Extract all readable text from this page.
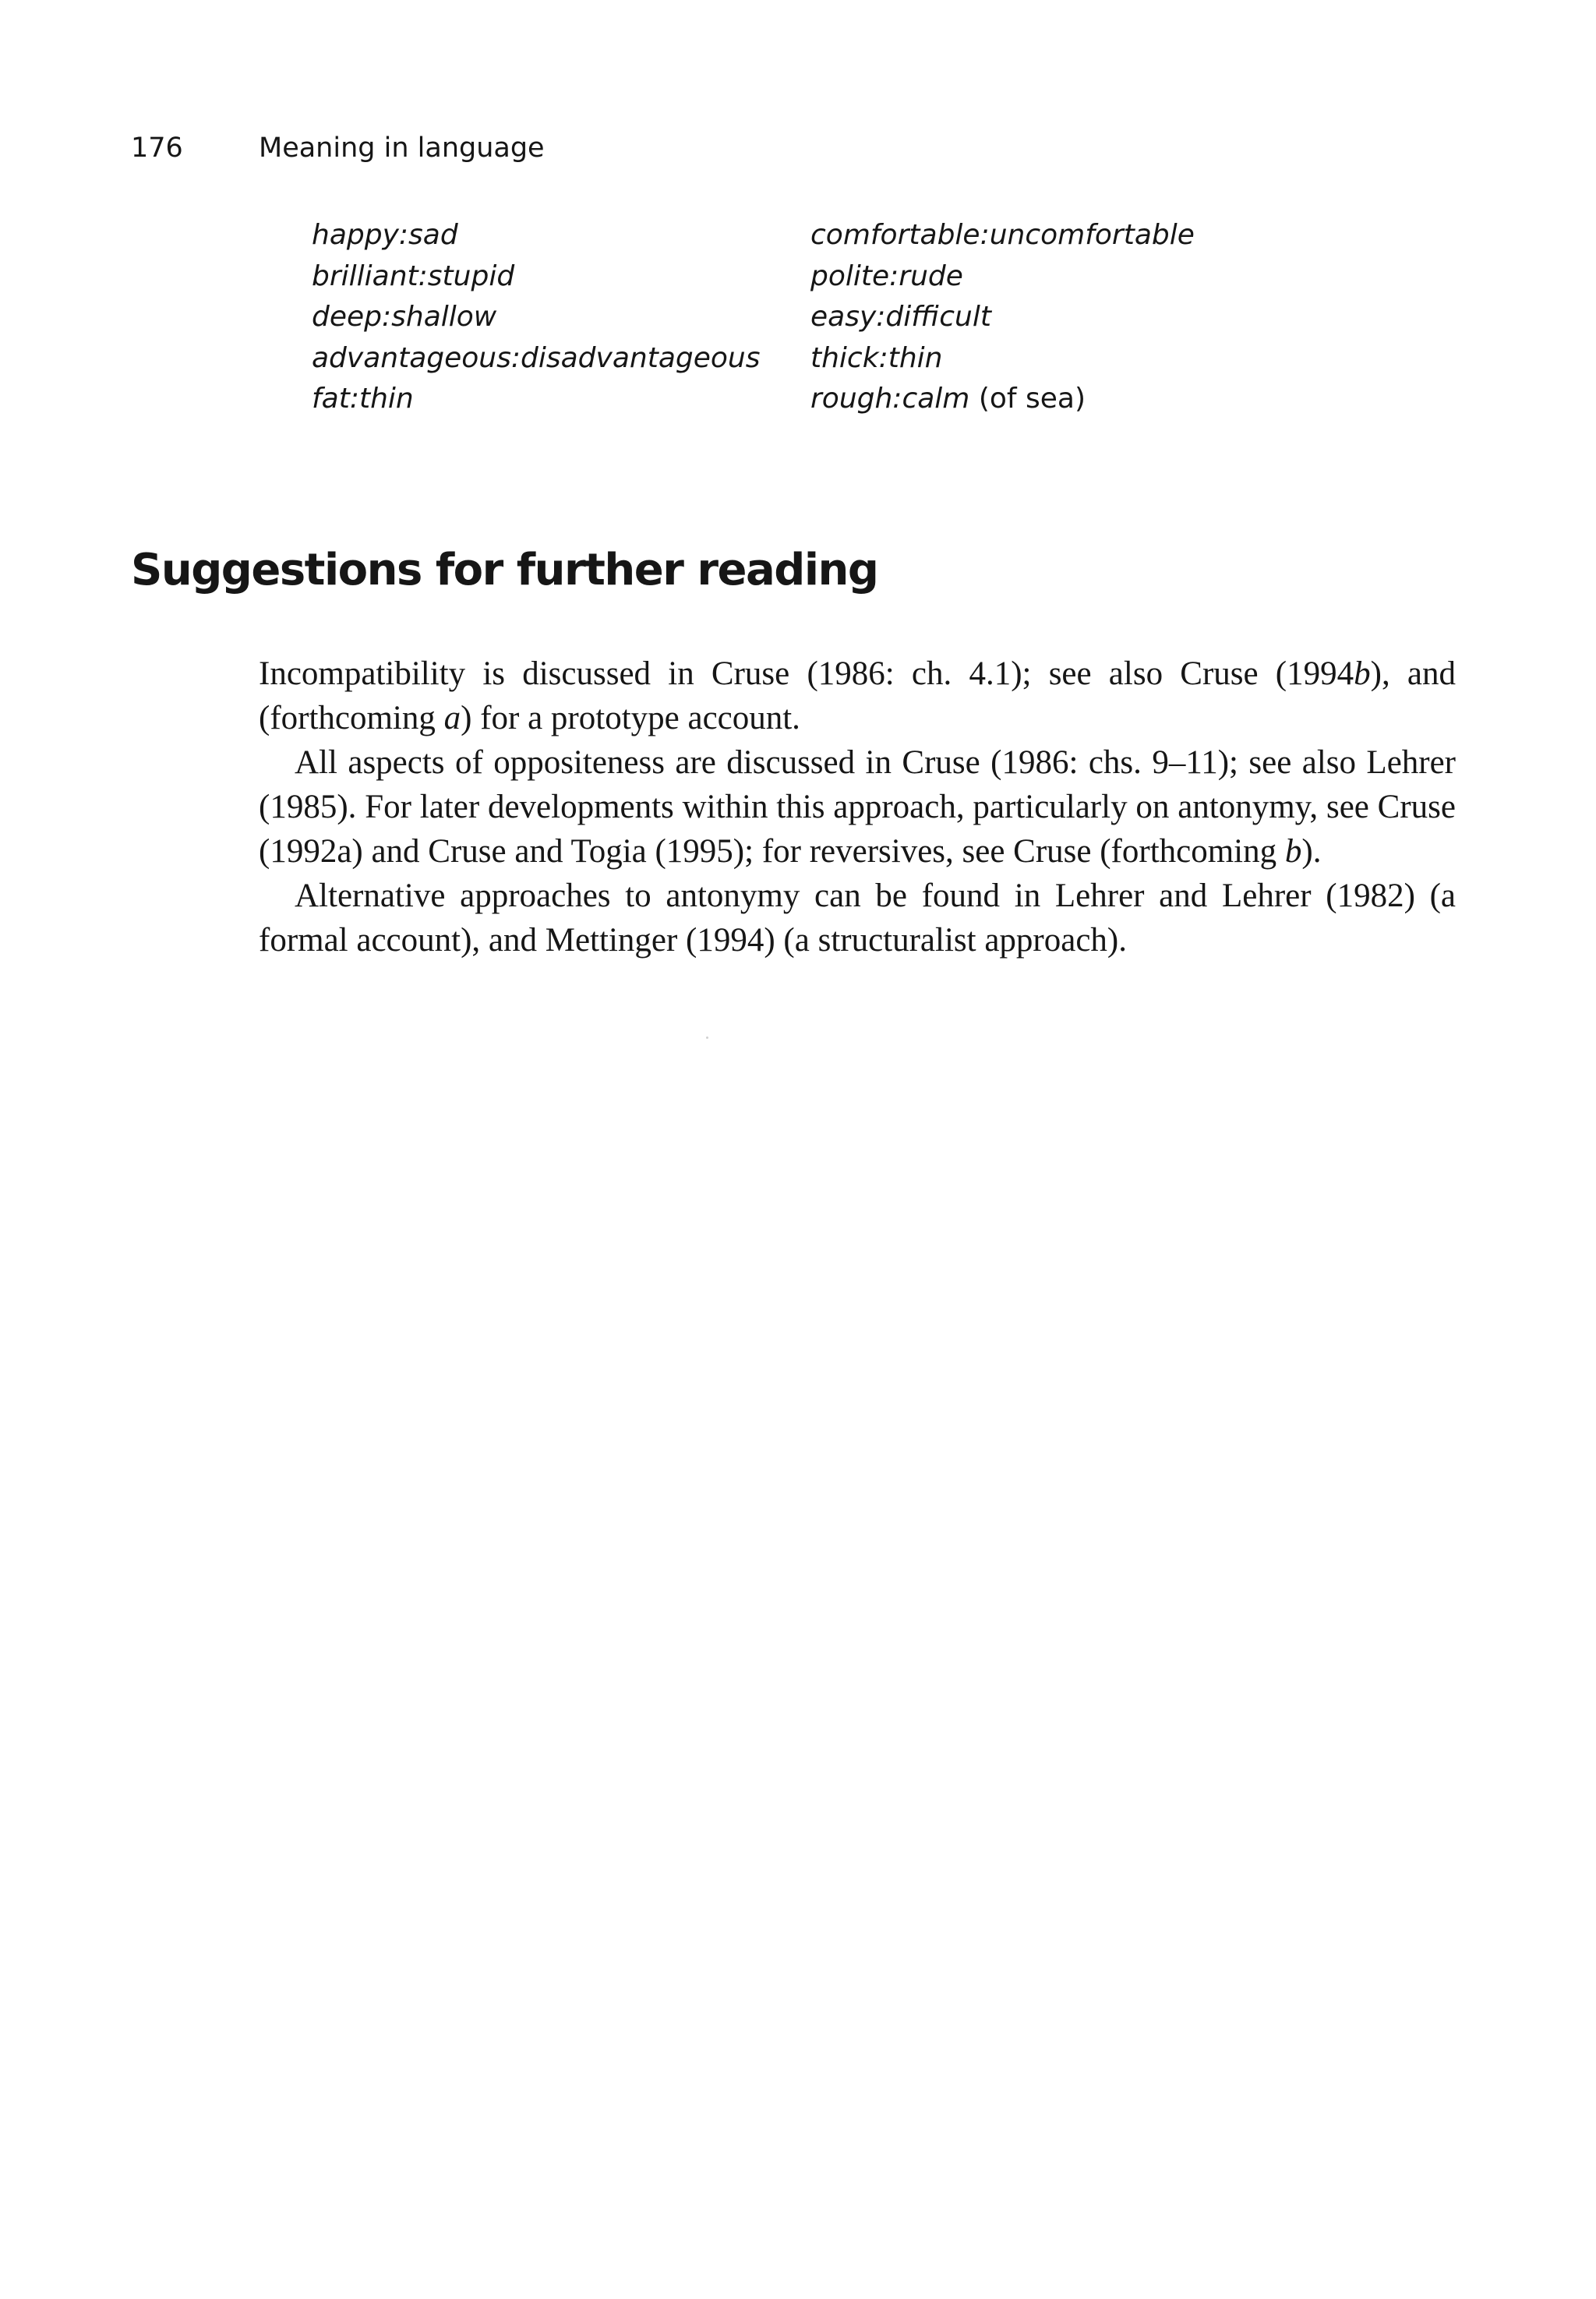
176	Meaning in language
happy:sad
brilliant:stupid
deep:shallow
advantageous:disadvantageous
fat:thin
comfortable:uncomfortable
polite:rude
easy:difficult
thick:thin
rough:calm (of sea)
Suggestions for further reading

Incompatibility is discussed in Cruse (1986: ch. 4.1); see also Cruse (1994b), and (forthcoming a) for a prototype account.

All aspects of oppositeness are discussed in Cruse (1986: chs. 9–11); see also Lehrer (1985). For later developments within this approach, particularly on antonymy, see Cruse (1992a) and Cruse and Togia (1995); for reversives, see Cruse (forthcoming b).

Alternative approaches to antonymy can be found in Lehrer and Lehrer (1982) (a formal account), and Mettinger (1994) (a structuralist approach).
